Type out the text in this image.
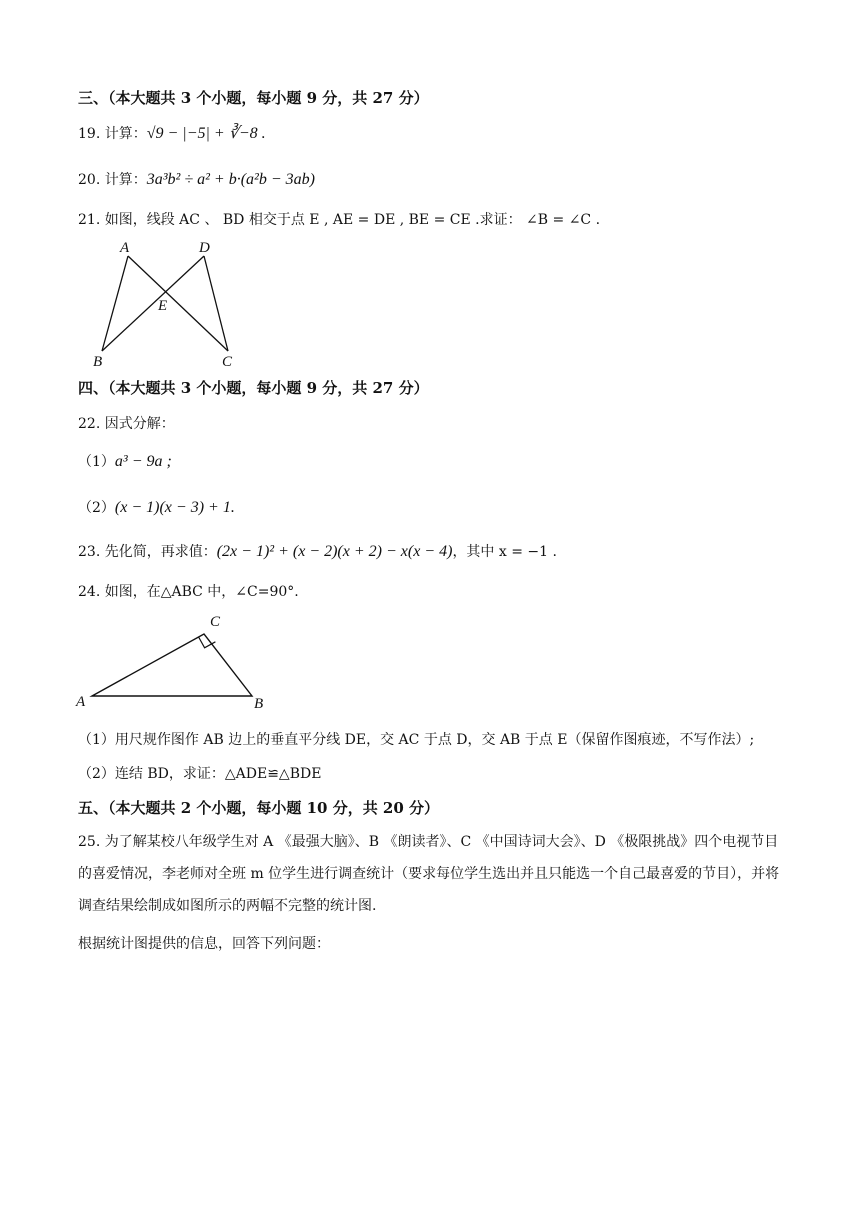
三、（本大题共 3 个小题，每小题 9 分，共 27 分）
19. 计算：√9 − |−5| + ∛−8 .
20. 计算：3a³b² ÷ a² + b·(a²b − 3ab)
21. 如图，线段 AC 、 BD 相交于点 E , AE = DE , BE = CE .求证： ∠B = ∠C .
A	D
E
B	C
四、（本大题共 3 个小题，每小题 9 分，共 27 分）
22. 因式分解：
（1）a³ − 9a ;
（2）(x − 1)(x − 3) + 1.
23. 先化简，再求值：(2x − 1)² + (x − 2)(x + 2) − x(x − 4)，其中 x = −1 .
24. 如图，在△ABC 中，∠C=90°.
A	B
C
（1）用尺规作图作 AB 边上的垂直平分线 DE，交 AC 于点 D，交 AB 于点 E（保留作图痕迹，不写作法）;
（2）连结 BD，求证：△ADE≌△BDE
五、（本大题共 2 个小题，每小题 10 分，共 20 分）
25. 为了解某校八年级学生对 A 《最强大脑》、B 《朗读者》、C 《中国诗词大会》、D 《极限挑战》四个电视节目的喜爱情况，李老师对全班 m 位学生进行调查统计（要求每位学生选出并且只能选一个自己最喜爱的节目），并将调查结果绘制成如图所示的两幅不完整的统计图.
根据统计图提供的信息，回答下列问题：
